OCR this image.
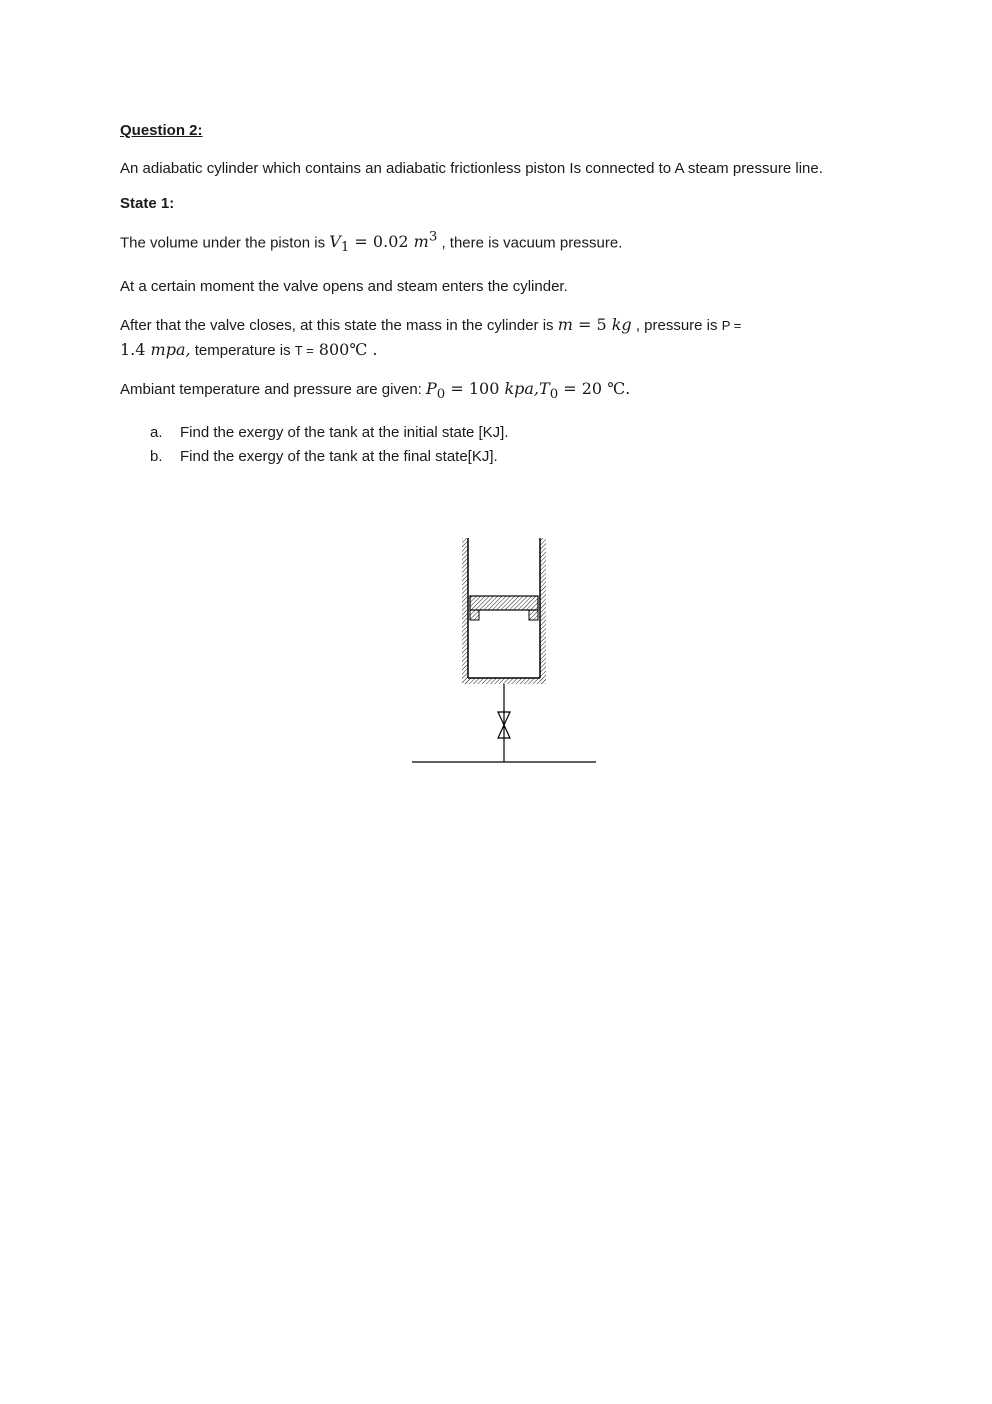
Question 2:

An adiabatic cylinder which contains an adiabatic frictionless piston Is connected to A steam pressure line.

State 1:

The volume under the piston is $V_1 = 0.02$ $m^3$ , there is vacuum pressure.

At a certain moment the valve opens and steam enters the cylinder.

After that the valve closes, at this state the mass in the cylinder is m = 5 kg , pressure is P =
1.4 mpa, temperature is T = 800℃ .

Ambiant temperature and pressure are given: $P_0 = 100$ $kpa,T_0 = 20$ ℃.

a. Find the exergy of the tank at the initial state [KJ].
b. Find the exergy of the tank at the final state[KJ].
